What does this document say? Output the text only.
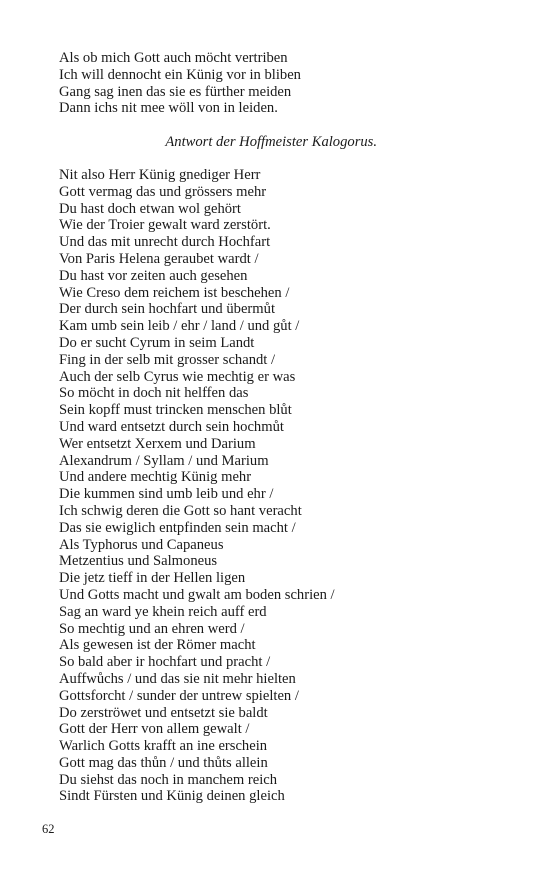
Als ob mich Gott auch möcht vertriben
Ich will dennocht ein Künig vor in bliben
Gang sag inen das sie es fürther meiden
Dann ichs nit mee wöll von in leiden.
Antwort der Hoffmeister Kalogorus.
Nit also Herr Künig gnediger Herr
Gott vermag das und grössers mehr
Du hast doch etwan wol gehört
Wie der Troier gewalt ward zerstört.
Und das mit unrecht durch Hochfart
Von Paris Helena geraubet wardt /
Du hast vor zeiten auch gesehen
Wie Creso dem reichem ist beschehen /
Der durch sein hochfart und übermůt
Kam umb sein leib / ehr / land / und gůt /
Do er sucht Cyrum in seim Landt
Fing in der selb mit grosser schandt /
Auch der selb Cyrus wie mechtig er was
So möcht in doch nit helffen das
Sein kopff must trincken menschen blůt
Und ward entsetzt durch sein hochmůt
Wer entsetzt Xerxem und Darium
Alexandrum / Syllam / und Marium
Und andere mechtig Künig mehr
Die kummen sind umb leib und ehr /
Ich schwig deren die Gott so hant veracht
Das sie ewiglich entpfinden sein macht /
Als Typhorus und Capaneus
Metzentius und Salmoneus
Die jetz tieff in der Hellen ligen
Und Gotts macht und gwalt am boden schrien /
Sag an ward ye khein reich auff erd
So mechtig und an ehren werd /
Als gewesen ist der Römer macht
So bald aber ir hochfart und pracht /
Auffwůchs / und das sie nit mehr hielten
Gottsforcht / sunder der untrew spielten /
Do zerströwet und entsetzt sie baldt
Gott der Herr von allem gewalt /
Warlich Gotts krafft an ine erschein
Gott mag das thůn / und thůts allein
Du siehst das noch in manchem reich
Sindt Fürsten und Künig deinen gleich
62
